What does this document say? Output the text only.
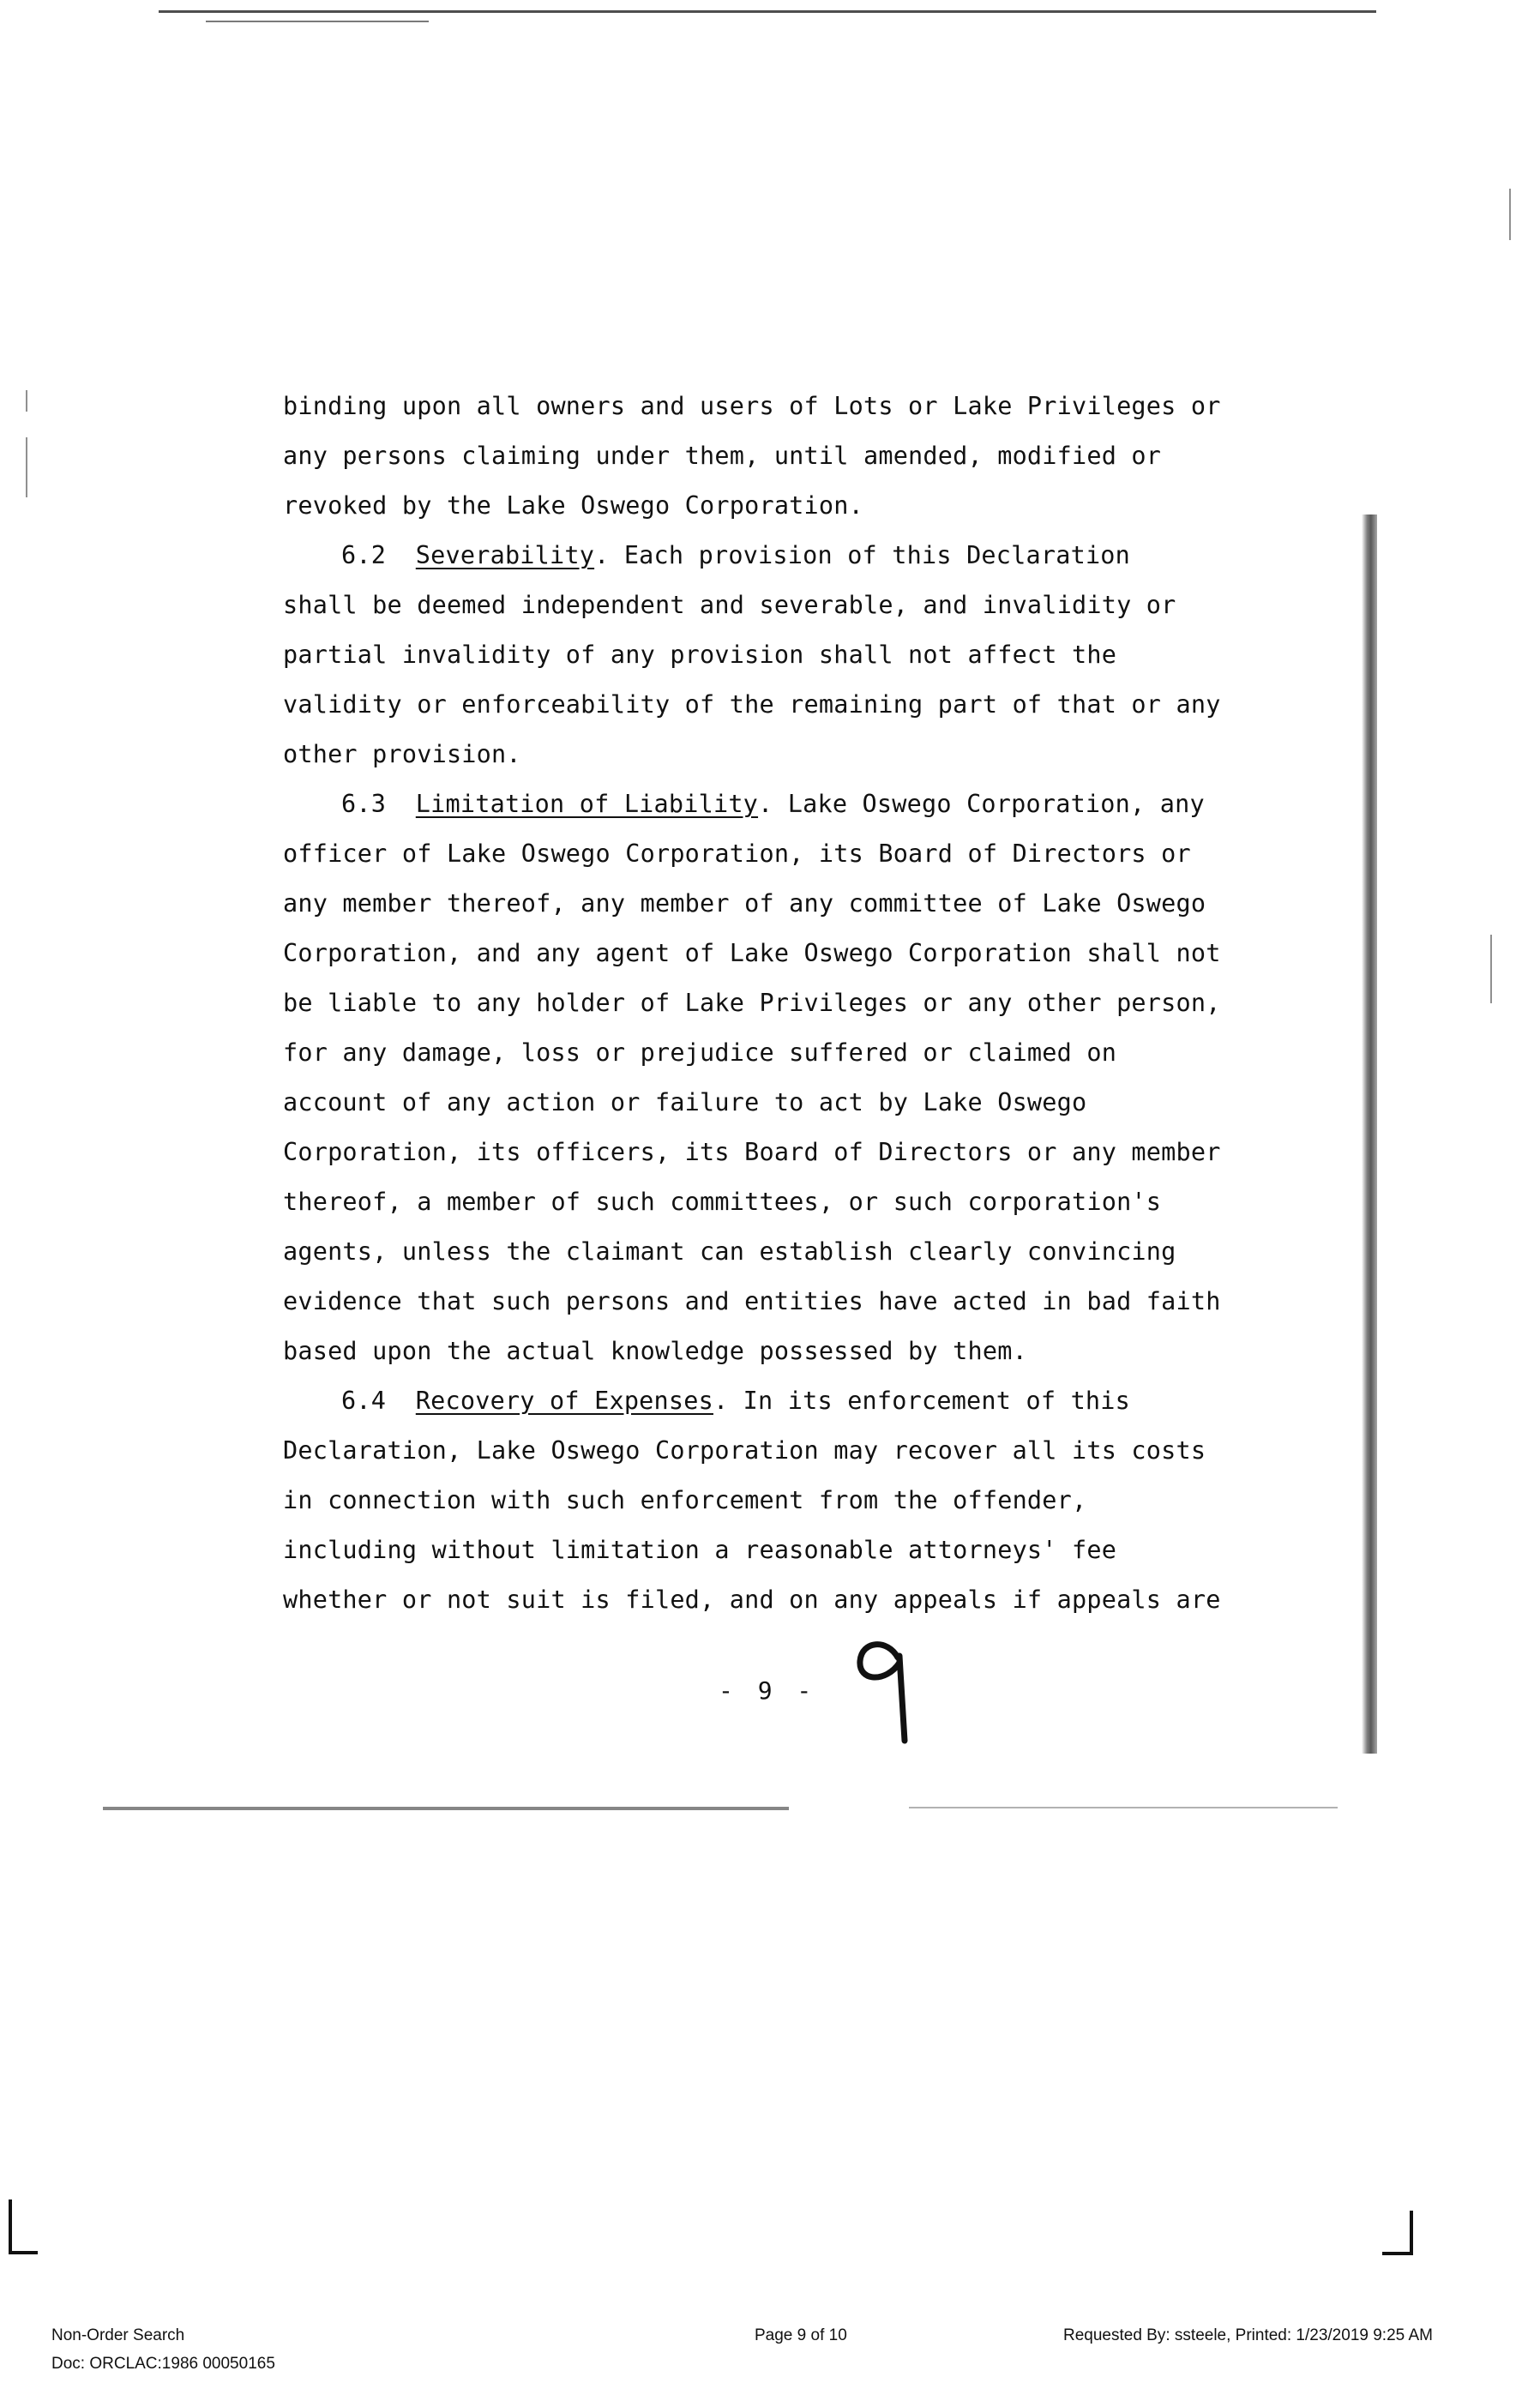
binding upon all owners and users of Lots or Lake Privileges or
any persons claiming under them, until amended, modified or
revoked by the Lake Oswego Corporation.
6.2 Severability. Each provision of this Declaration
shall be deemed independent and severable, and invalidity or
partial invalidity of any provision shall not affect the
validity or enforceability of the remaining part of that or any
other provision.
6.3 Limitation of Liability. Lake Oswego Corporation, any
officer of Lake Oswego Corporation, its Board of Directors or
any member thereof, any member of any committee of Lake Oswego
Corporation, and any agent of Lake Oswego Corporation shall not
be liable to any holder of Lake Privileges or any other person,
for any damage, loss or prejudice suffered or claimed on
account of any action or failure to act by Lake Oswego
Corporation, its officers, its Board of Directors or any member
thereof, a member of such committees, or such corporation's
agents, unless the claimant can establish clearly convincing
evidence that such persons and entities have acted in bad faith
based upon the actual knowledge possessed by them.
6.4 Recovery of Expenses. In its enforcement of this
Declaration, Lake Oswego Corporation may recover all its costs
in connection with such enforcement from the offender,
including without limitation a reasonable attorneys' fee
whether or not suit is filed, and on any appeals if appeals are
- 9 -
Non-Order Search
Doc: ORCLAC:1986 00050165
Page 9 of 10	Requested By: ssteele, Printed: 1/23/2019 9:25 AM
